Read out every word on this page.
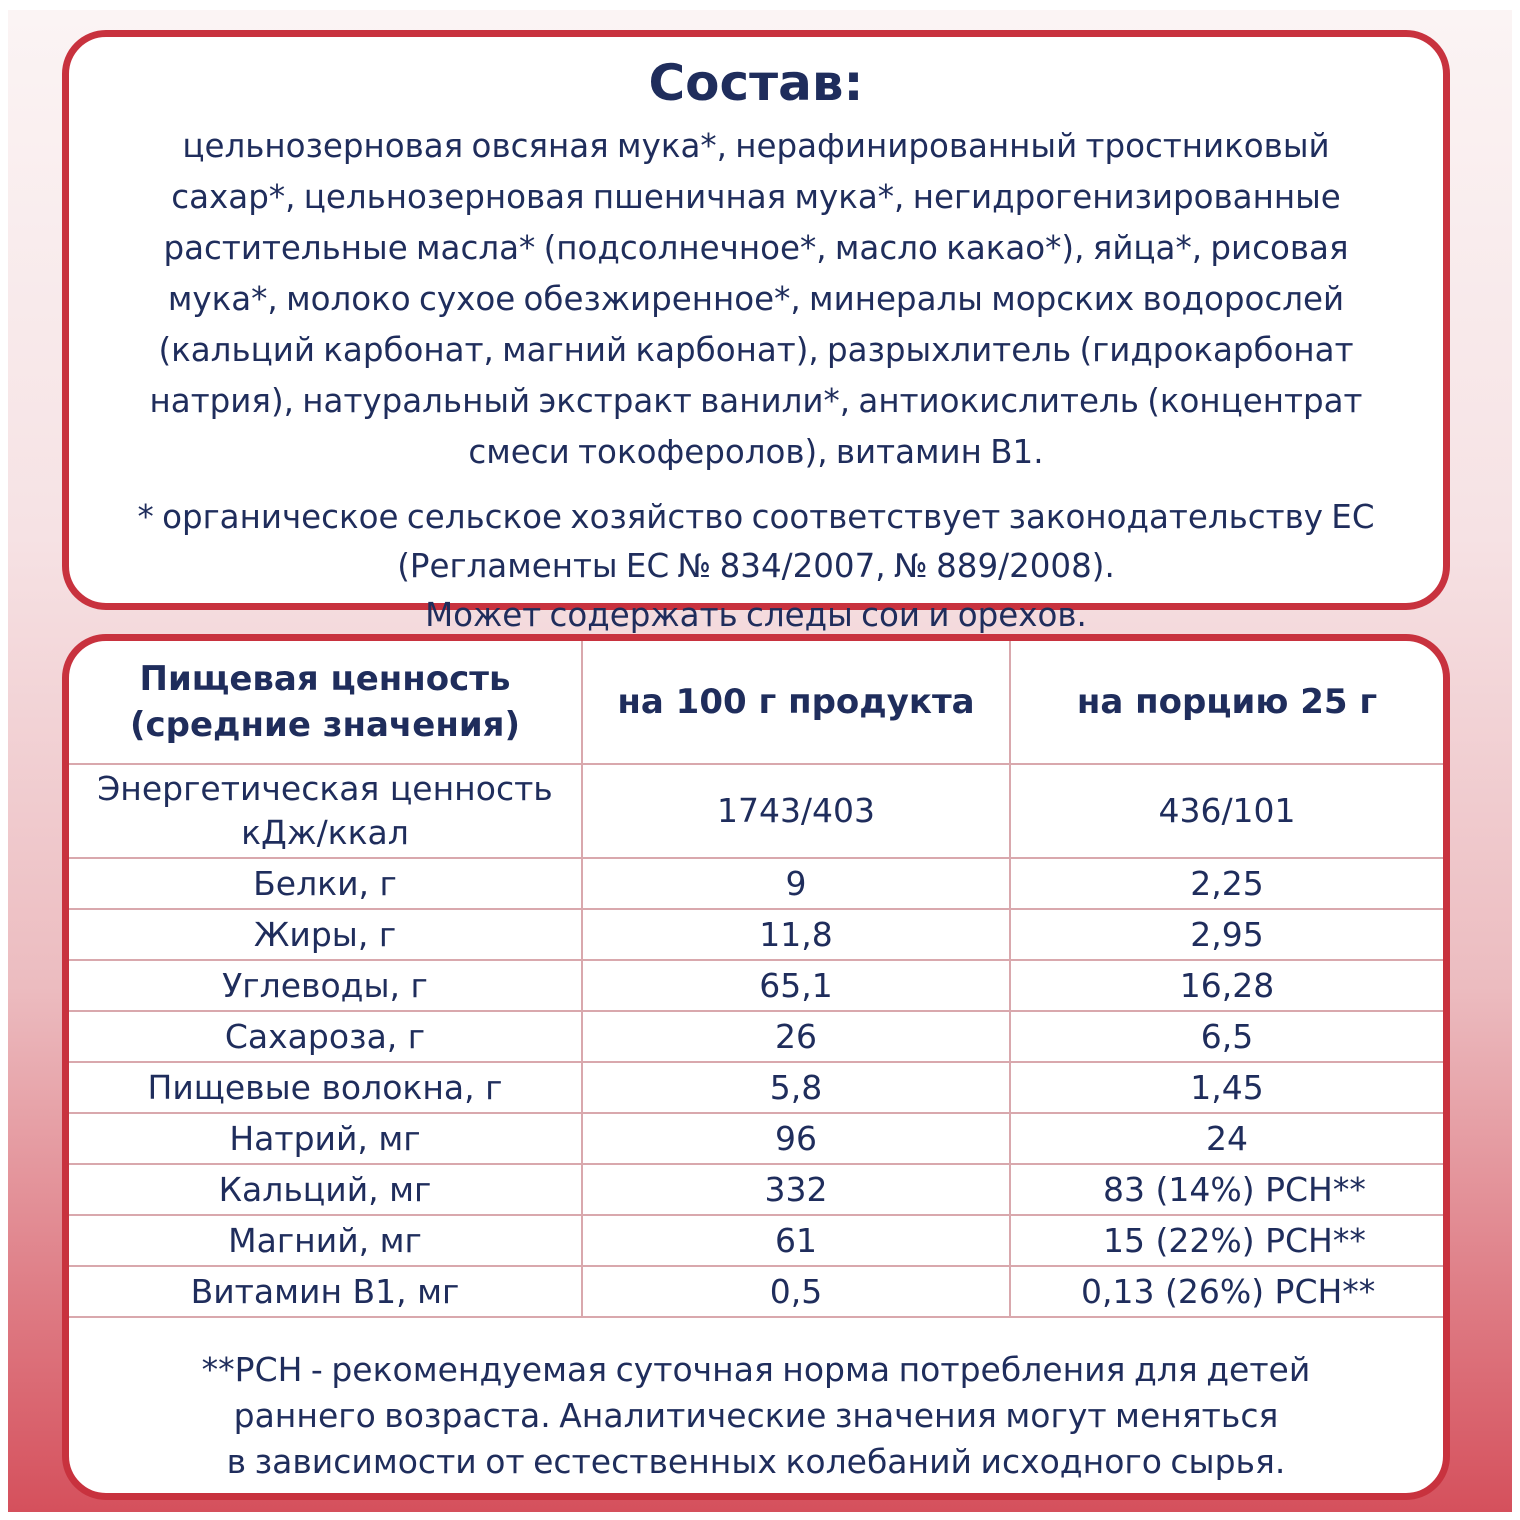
Состав:
цельнозерновая овсяная мука*, нерафинированный тростниковый
сахар*, цельнозерновая пшеничная мука*, негидрогенизированные
растительные масла* (подсолнечное*, масло какао*), яйца*, рисовая
мука*, молоко сухое обезжиренное*, минералы морских водорослей
(кальций карбонат, магний карбонат), разрыхлитель (гидрокарбонат
натрия), натуральный экстракт ванили*, антиокислитель (концентрат
смеси токоферолов), витамин В1.
* органическое сельское хозяйство соответствует законодательству ЕС
(Регламенты ЕС № 834/2007, № 889/2008).
Может содержать следы сои и орехов.
Пищевая ценность
(средние значения)	на 100 г продукта	на порцию 25 г
Энергетическая ценность
кДж/ккал	1743/403	436/101
Белки, г	9	2,25
Жиры, г	11,8	2,95
Углеводы, г	65,1	16,28
Сахароза, г	26	6,5
Пищевые волокна, г	5,8	1,45
Натрий, мг	96	24
Кальций, мг	332	83 (14%) РСН**
Магний, мг	61	15 (22%) РСН**
Витамин В1, мг	0,5	0,13 (26%) РСН**
**РСН - рекомендуемая суточная норма потребления для детей
раннего возраста. Аналитические значения могут меняться
в зависимости от естественных колебаний исходного сырья.
